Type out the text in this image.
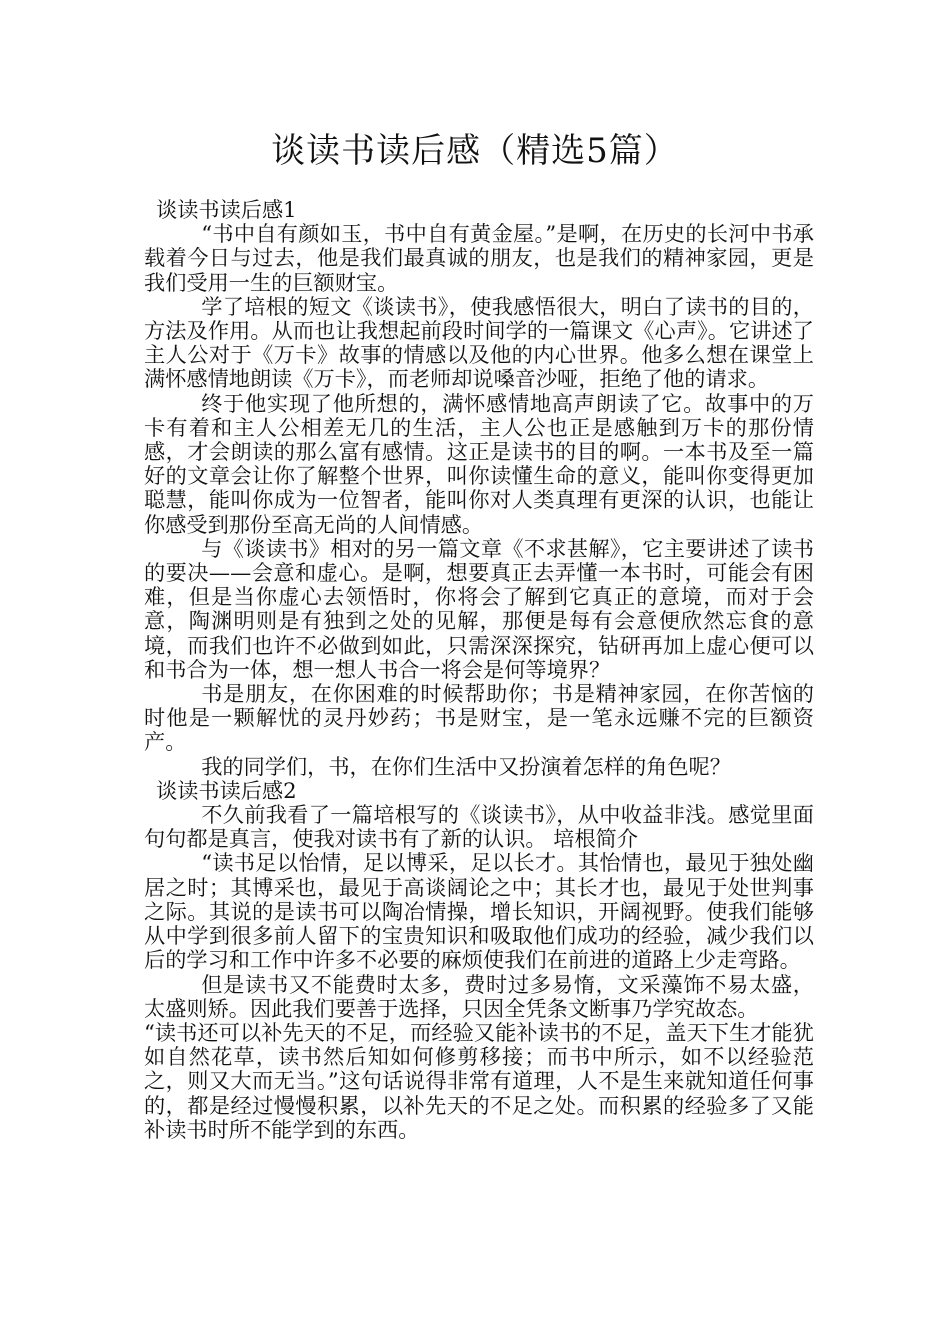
谈读书读后感（精选5篇）

谈读书读后感1

“书中自有颜如玉，书中自有黄金屋。”是啊，在历史的长河中书承载着今日与过去，他是我们最真诚的朋友，也是我们的精神家园，更是我们受用一生的巨额财宝。

学了培根的短文《谈读书》，使我感悟很大，明白了读书的目的，方法及作用。从而也让我想起前段时间学的一篇课文《心声》。它讲述了主人公对于《万卡》故事的情感以及他的内心世界。他多么想在课堂上满怀感情地朗读《万卡》，而老师却说嗓音沙哑，拒绝了他的请求。

终于他实现了他所想的，满怀感情地高声朗读了它。故事中的万卡有着和主人公相差无几的生活，主人公也正是感触到万卡的那份情感，才会朗读的那么富有感情。这正是读书的目的啊。一本书及至一篇好的文章会让你了解整个世界，叫你读懂生命的意义，能叫你变得更加聪慧，能叫你成为一位智者，能叫你对人类真理有更深的认识，也能让你感受到那份至高无尚的人间情感。

与《谈读书》相对的另一篇文章《不求甚解》，它主要讲述了读书的要决——会意和虚心。是啊，想要真正去弄懂一本书时，可能会有困难，但是当你虚心去领悟时，你将会了解到它真正的意境，而对于会意，陶渊明则是有独到之处的见解，那便是每有会意便欣然忘食的意境，而我们也许不必做到如此，只需深深探究，钻研再加上虚心便可以和书合为一体，想一想人书合一将会是何等境界？

书是朋友，在你困难的时候帮助你；书是精神家园，在你苦恼的时他是一颗解忧的灵丹妙药；书是财宝，是一笔永远赚不完的巨额资产。

我的同学们，书，在你们生活中又扮演着怎样的角色呢？

谈读书读后感2

不久前我看了一篇培根写的《谈读书》，从中收益非浅。感觉里面句句都是真言，使我对读书有了新的认识。 培根简介

“读书足以怡情，足以博采，足以长才。其怡情也，最见于独处幽居之时；其博采也，最见于高谈阔论之中；其长才也，最见于处世判事之际。其说的是读书可以陶冶情操，增长知识，开阔视野。使我们能够从中学到很多前人留下的宝贵知识和吸取他们成功的经验，减少我们以后的学习和工作中许多不必要的麻烦使我们在前进的道路上少走弯路。

但是读书又不能费时太多，费时过多易惰，文采藻饰不易太盛，太盛则矫。因此我们要善于选择，只因全凭条文断事乃学究故态。

“读书还可以补先天的不足，而经验又能补读书的不足，盖天下生才能犹如自然花草，读书然后知如何修剪移接；而书中所示，如不以经验范之，则又大而无当。”这句话说得非常有道理，人不是生来就知道任何事的，都是经过慢慢积累，以补先天的不足之处。而积累的经验多了又能补读书时所不能学到的东西。
